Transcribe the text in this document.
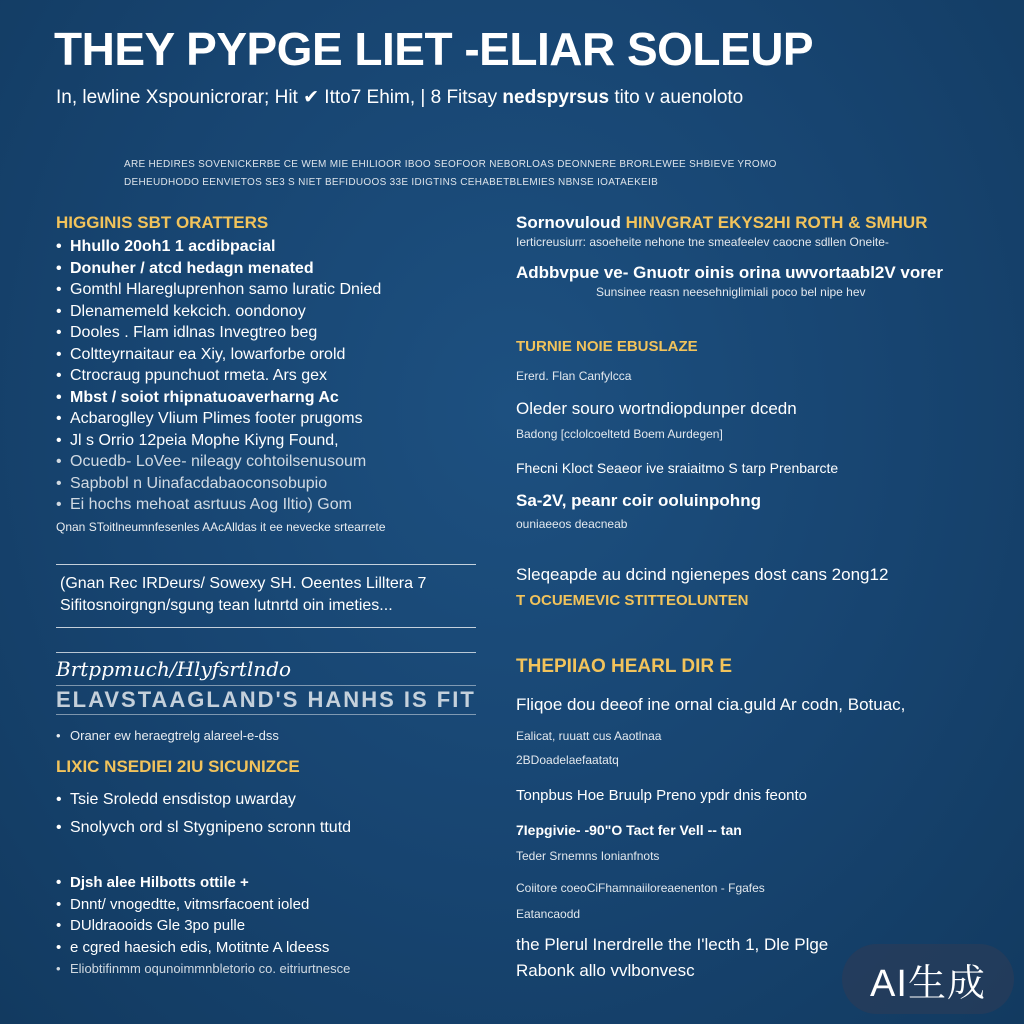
THEY PYPGE LIET -ELIAR SOLEUP
In, lewline Xspounicrorar; Hit ✔ Itto7 Ehim, | 8 Fitsay nedspyrsus tito v auenoloto
ARE HEDIRES SOVENICKERBE CE WEM MIE EHILIOOR IBOO SEOFOOR NEBORLOAS DEONNERE BRORLEWEE SHBIEVE YROMO
DEHEUDHODO EENVIETOS SE3 S NIET BEFIDUOOS 33E IDIGTINS CEHABETBLEMIES NBNSE IOATAEKEIB
HIGGINIS SBT ORATTERS
• Hhullo 20oh1 1 acdibpacial
• Donuher / atcd hedagn menated
• Gomthl Hlaregluprenhon samo luratic Dnied
• Dlenamemeld kekcich. oondonoy
• Dooles . Flam idlnas Invegtreo beg
• Coltteyrnaitaur ea Xiy, lowarforbe orold
• Ctrocraug ppunchuot rmeta. Ars gex
• Mbst / soiot rhipnatuoaverharng Ac
• Acbaroglley Vlium Plimes footer prugoms
• Jl s Orrio 12peia Mophe Kiyng Found,
• Ocuedb- LoVee- nileagy cohtoilsenusoum
• Sapbobl n Uinafacdabaoconsobupio
• Ei hochs mehoat asrtuus Aog Iltio) Gom
Qnan SToitlneumnfesenles AAcAlldas it ee nevecke srtearrete
(Gnan Rec IRDeurs/ Sowexy SH. Oeentes Lilltera 7
Sifitosnoirgngn/sgung tean lutnrtd oin imeties...
Brtppmuch/Hlyfsrtlndo
ELAVSTAAGLAND'S HANHS IS FIT
• Oraner ew heraegtrelg alareel-e-dss
LIXIC NSEDIEI 2IU SICUNIZCE
• Tsie Sroledd ensdistop uwarday
• Snolyvch ord sl Stygnipeno scronn ttutd
• Djsh alee Hilbotts ottile +
• Dnnt/ vnogedtte, vitmsrfacoent ioled
• DUldraooids Gle 3po pulle
• e cgred haesich edis, Motitnte A ldeess
• Eliobtifinmm oqunoimmnbletorio co. eitriurtnesce
Sornovuloud HINVGRAT EKYS2HI ROTH & SMHUR
Ierticreusiurr: asoeheite nehone tne smeafeelev caocne sdllen Oneite-
Adbbvpue ve- Gnuotr oinis orina uwvortaabl2V vorer
Sunsinee reasn neesehniglimiali poco bel nipe hev
TURNIE NOIE EBUSLAZE
Ererd. Flan Canfylcca
Oleder souro wortndiopdunper dcedn
Badong [cclolcoeltetd Boem Aurdegen]
Fhecni Kloct Seaeor ive sraiaitmo S tarp Prenbarcte
Sa-2V, peanr coir ooluinpohng
ouniaeeos deacneab
Sleqeapde au dcind ngienepes dost cans 2ong12
T OCUEMEVIC STITTEOLUNTEN
THEPIIAO HEARL DIR E
Fliqoe dou deeof ine ornal cia.guld Ar codn, Botuac,
Ealicat, ruuatt cus Aaotlnaa
2BDoadelaefaatatq
Tonpbus Hoe Bruulp Preno ypdr dnis feonto
7Iepgivie- -90"O Tact fer Vell -- tan
Teder Srnemns Ionianfnots
Coiitore coeoCiFhamnaiiloreaenenton - Fgafes
Eatancaodd
the Plerul Inerdrelle the I'lecth 1, Dle Plge
Rabonk allo vvlbonvesc	AI生成
